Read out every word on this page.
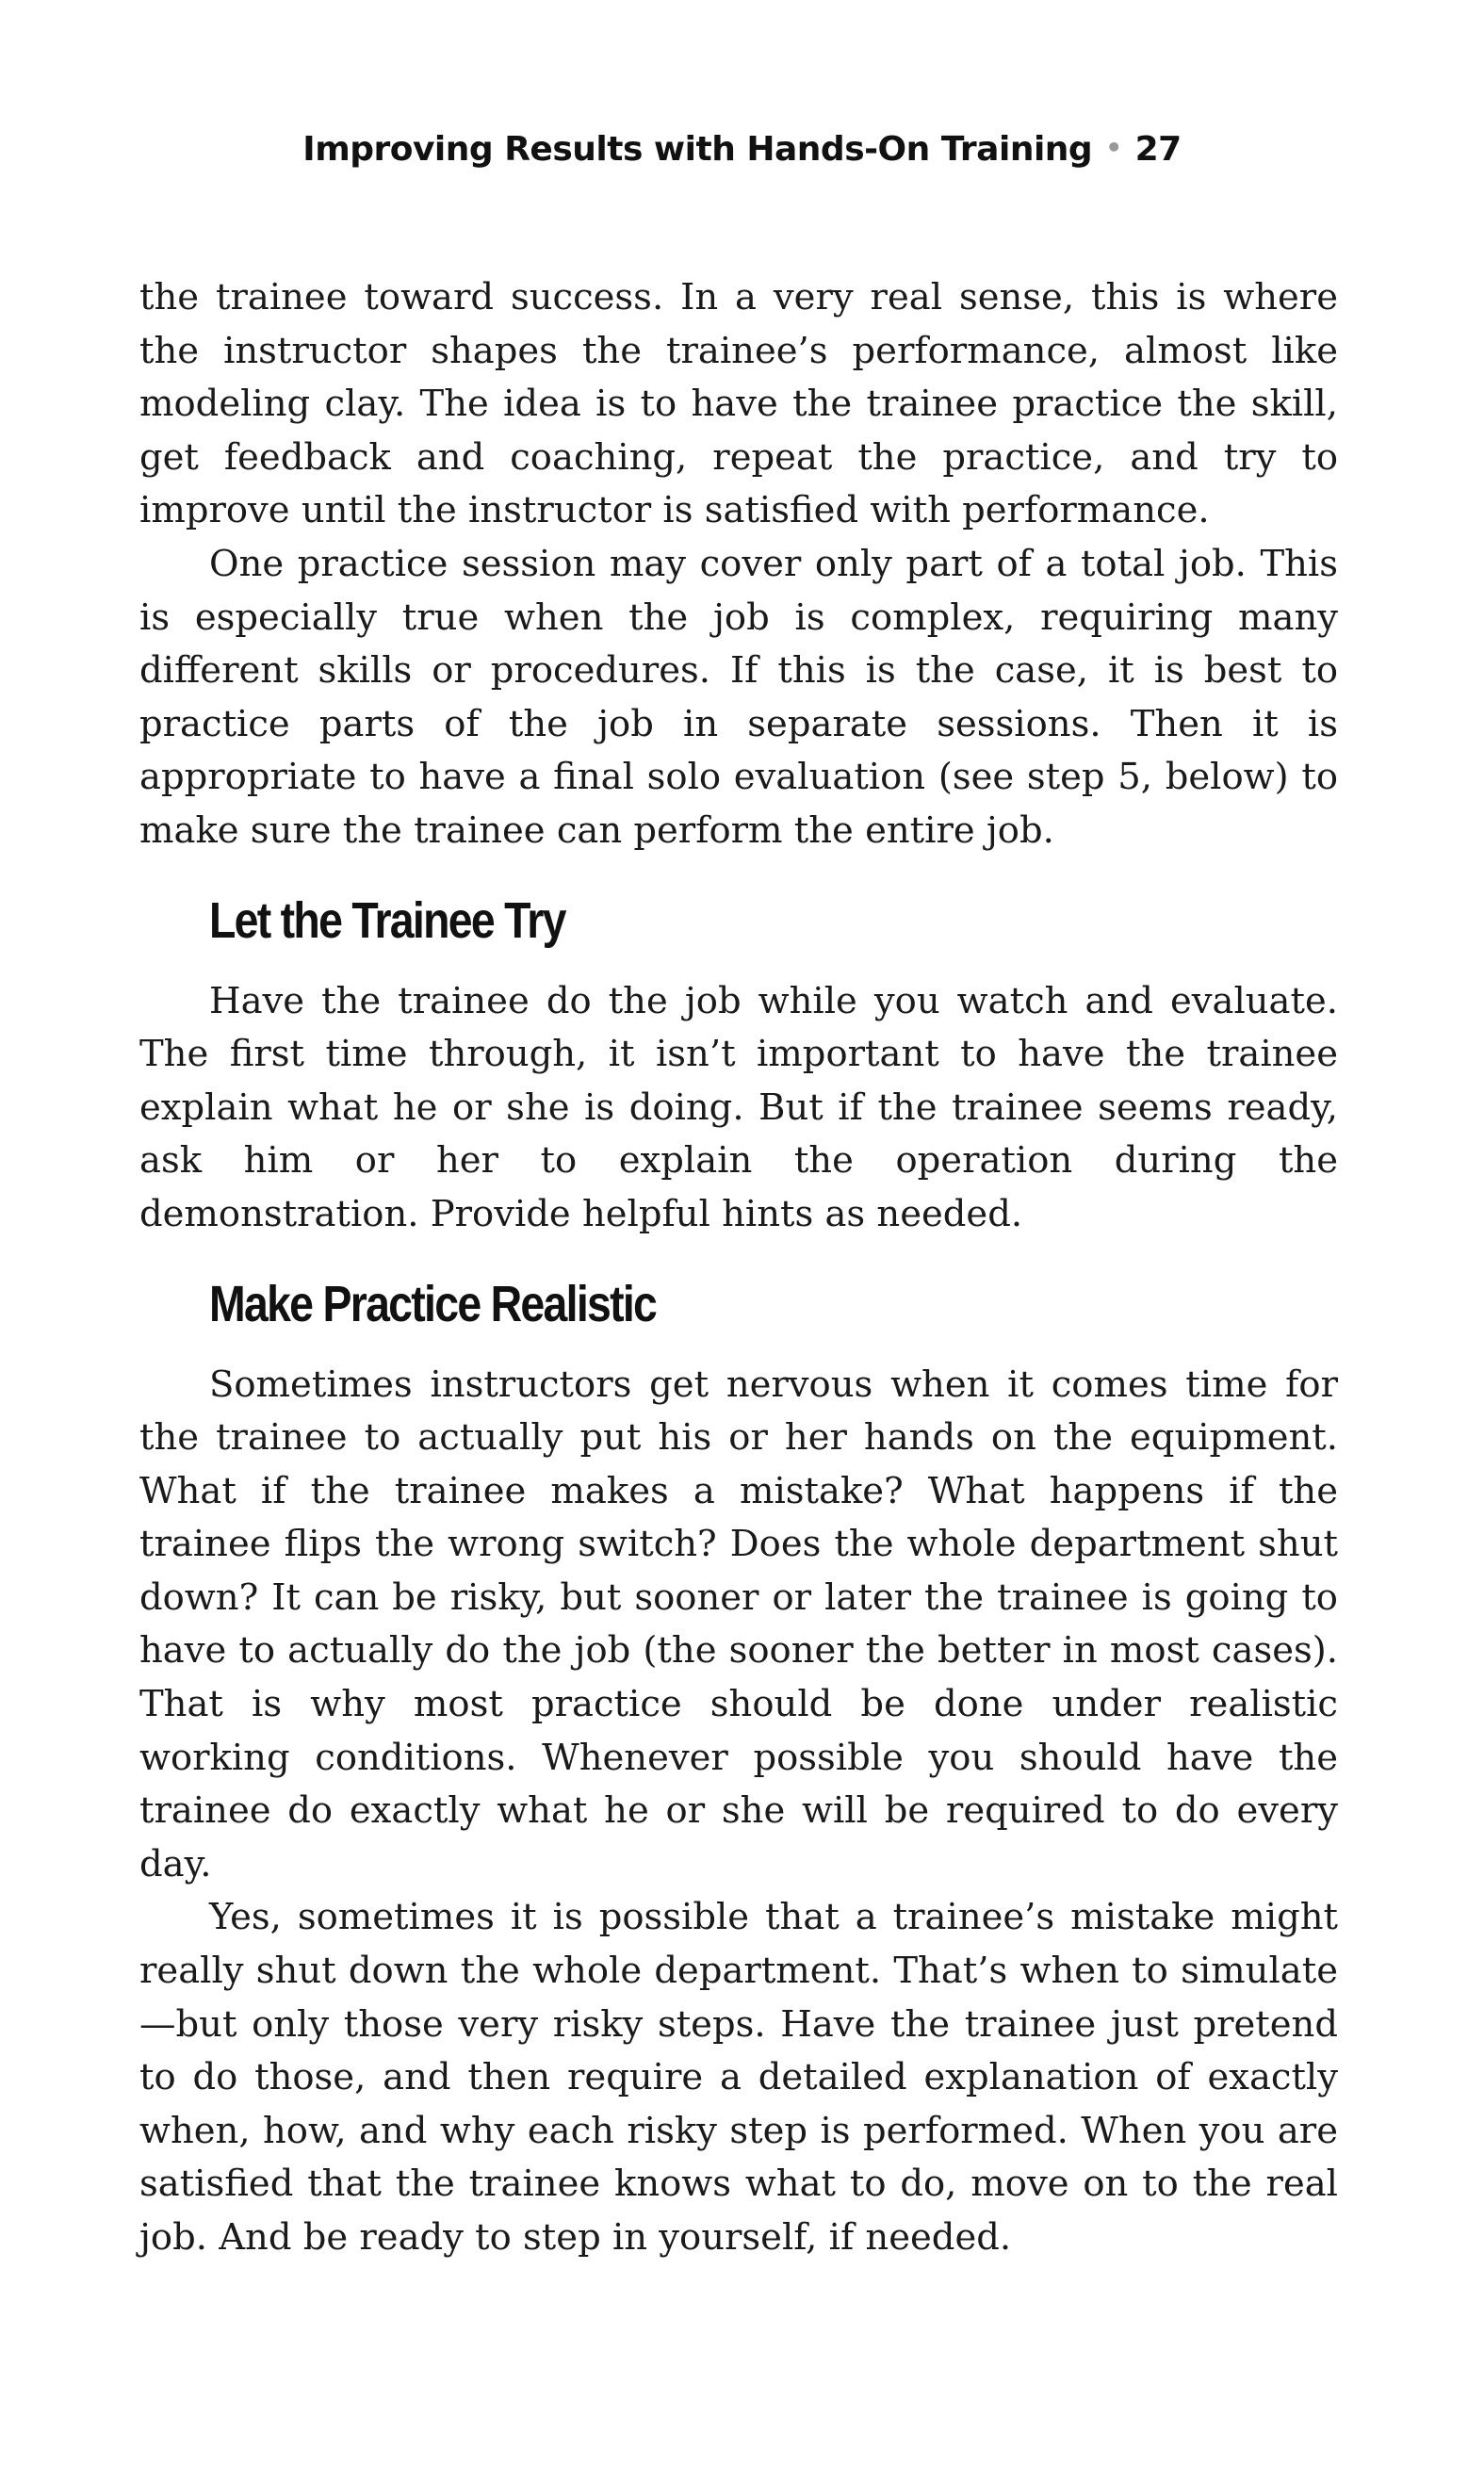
Improving Results with Hands-On Training • 27

the trainee toward success. In a very real sense, this is where the instructor shapes the trainee’s performance, almost like modeling clay. The idea is to have the trainee practice the skill, get feedback and coaching, repeat the practice, and try to improve until the instructor is satisfied with performance.

One practice session may cover only part of a total job. This is especially true when the job is complex, requiring many different skills or procedures. If this is the case, it is best to practice parts of the job in separate sessions. Then it is appropriate to have a final solo evaluation (see step 5, below) to make sure the trainee can perform the entire job.

Let the Trainee Try

Have the trainee do the job while you watch and evaluate. The first time through, it isn’t important to have the trainee explain what he or she is doing. But if the trainee seems ready, ask him or her to explain the operation during the demonstration. Provide helpful hints as needed.

Make Practice Realistic

Sometimes instructors get nervous when it comes time for the trainee to actually put his or her hands on the equipment. What if the trainee makes a mistake? What happens if the trainee flips the wrong switch? Does the whole department shut down? It can be risky, but sooner or later the trainee is going to have to actually do the job (the sooner the better in most cases). That is why most practice should be done under realistic working conditions. Whenever possible you should have the trainee do exactly what he or she will be required to do every day.

Yes, sometimes it is possible that a trainee’s mistake might really shut down the whole department. That’s when to simulate—but only those very risky steps. Have the trainee just pretend to do those, and then require a detailed explanation of exactly when, how, and why each risky step is performed. When you are satisfied that the trainee knows what to do, move on to the real job. And be ready to step in yourself, if needed.
